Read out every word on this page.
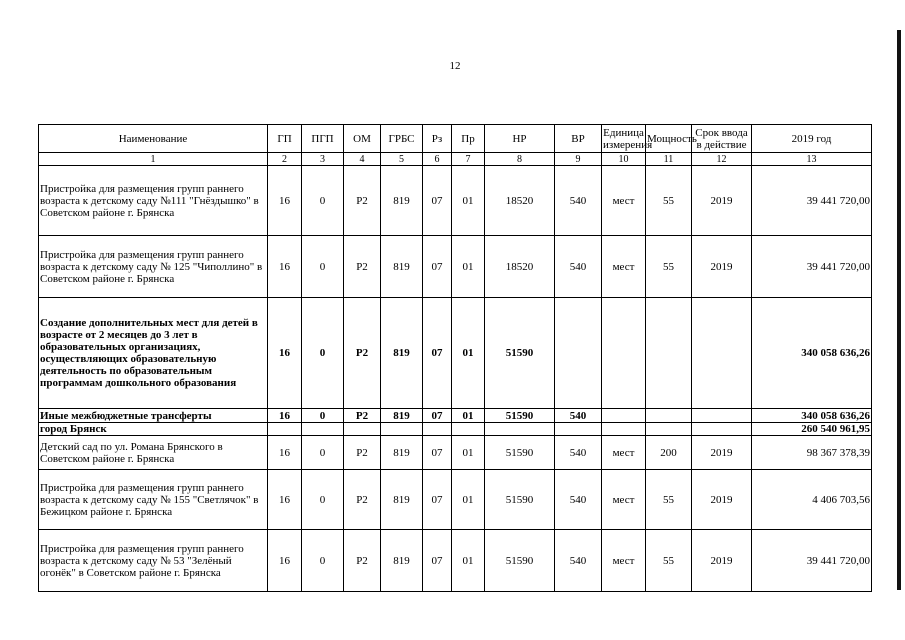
12
Наименование	ГП	ПГП	ОМ	ГРБС	Рз	Пр	НР	ВР	Единица измерения	Мощность	Срок ввода в действие	2019 год
1	2	3	4	5	6	7	8	9	10	11	12	13
Пристройка для размещения групп раннего возраста к детскому саду №111 "Гнёздышко" в Советском районе г. Брянска	16	0	Р2	819	07	01	18520	540	мест	55	2019	39 441 720,00
Пристройка для размещения групп раннего возраста к детскому саду № 125 "Чиполлино" в Советском районе г. Брянска	16	0	Р2	819	07	01	18520	540	мест	55	2019	39 441 720,00
Создание дополнительных мест для детей в возрасте от 2 месяцев до 3 лет в образовательных организациях, осуществляющих образовательную деятельность по образовательным программам дошкольного образования	16	0	Р2	819	07	01	51590					340 058 636,26
Иные межбюджетные трансферты	16	0	Р2	819	07	01	51590	540				340 058 636,26
город Брянск												260 540 961,95
Детский сад по ул. Романа Брянского в Советском районе г. Брянска	16	0	Р2	819	07	01	51590	540	мест	200	2019	98 367 378,39
Пристройка для размещения групп раннего возраста к детскому саду № 155 "Светлячок" в Бежицком районе г. Брянска	16	0	Р2	819	07	01	51590	540	мест	55	2019	4 406 703,56
Пристройка для размещения групп раннего возраста к детскому саду № 53 "Зелёный огонёк" в Советском районе г. Брянска	16	0	Р2	819	07	01	51590	540	мест	55	2019	39 441 720,00
